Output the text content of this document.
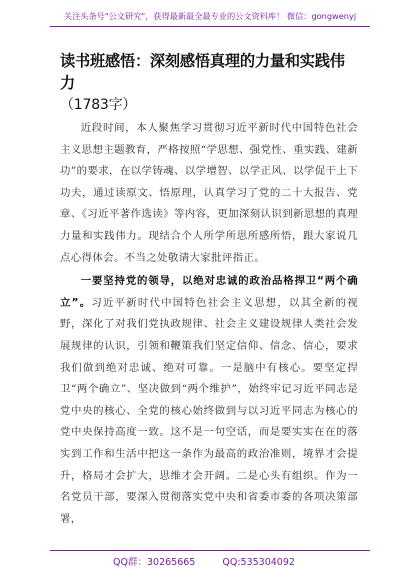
关注头条号"公文研究"，获得最新最全最专业的公文资料库！ 微信：gongwenyj
读书班感悟：深刻感悟真理的力量和实践伟力
（1783字）

近段时间，本人聚焦学习贯彻习近平新时代中国特色社会主义思想主题教育，严格按照“学思想、强党性、重实践、建新功”的要求，在以学铸魂、以学增智、以学正风、以学促干上下功夫，通过读原文、悟原理，认真学习了党的二十大报告、党章、《习近平著作选读》等内容，更加深刻认识到新思想的真理力量和实践伟力。现结合个人所学所思所感所悟，跟大家说几点心得体会。不当之处敬请大家批评指正。

一要坚持党的领导，以绝对忠诚的政治品格捍卫“两个确立”。习近平新时代中国特色社会主义思想，以其全新的视野，深化了对我们党执政规律、社会主义建设规律人类社会发展规律的认识，引领和鞭策我们坚定信仰、信念、信心，要求我们做到绝对忠诚、绝对可靠。一是脑中有核心。要坚定捍卫“两个确立”、坚决做到“两个维护”，始终牢记习近平同志是党中央的核心、全党的核心始终做到与以习近平同志为核心的党中央保持高度一致。这不是一句空话，而是要实实在在的落实到工作和生活中把这一条作为最高的政治准则，境界才会提升，格局才会扩大，思维才会开阔。二是心头有组织。作为一名党员干部，要深入贯彻落实党中央和省委市委的各项决策部署，

QQ群：30265665	QQ:535304092
